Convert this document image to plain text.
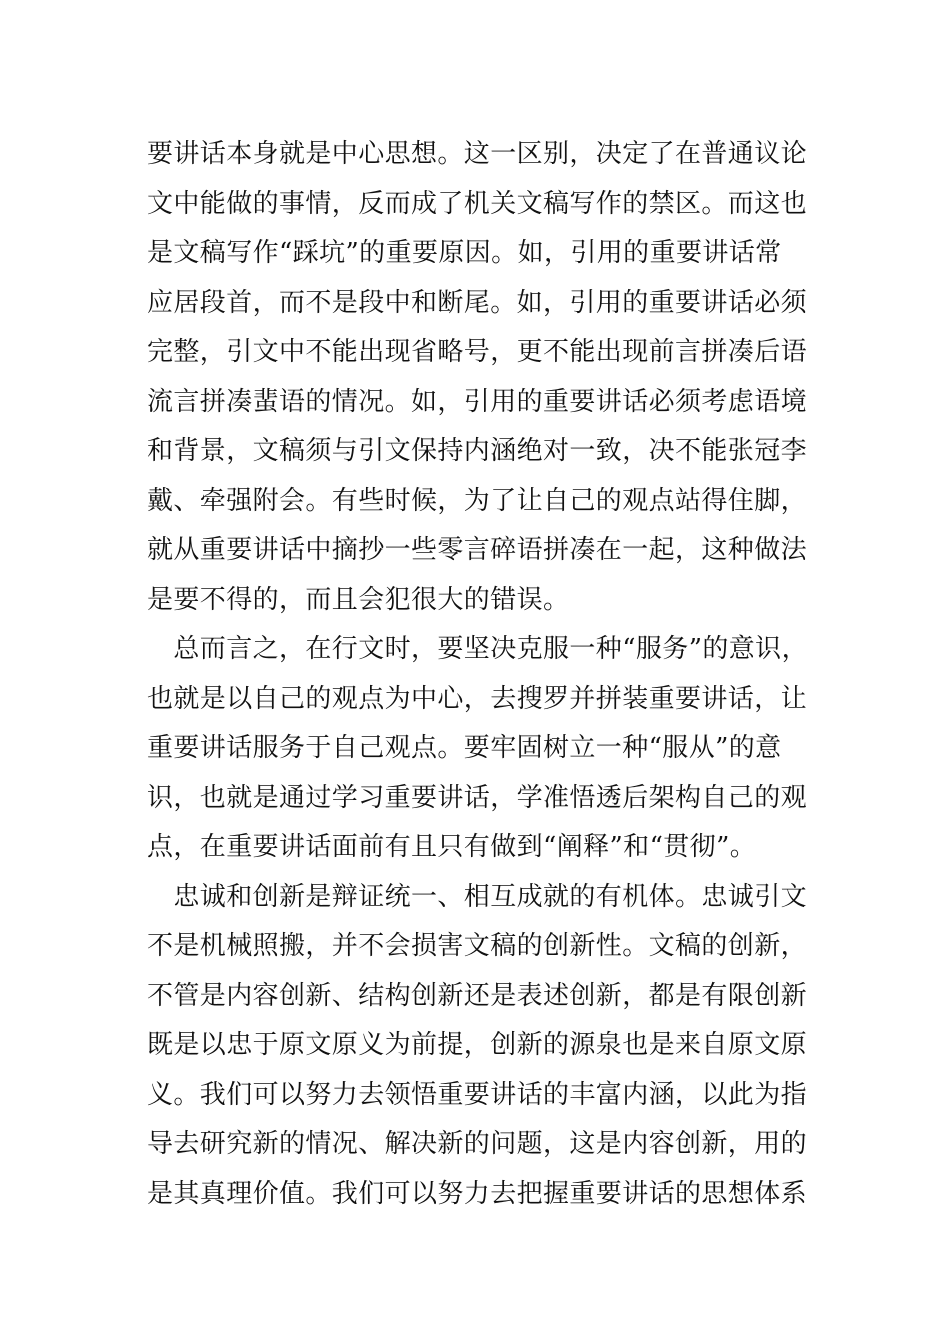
要讲话本身就是中心思想。这一区别，决定了在普通议论
文中能做的事情，反而成了机关文稿写作的禁区。而这也
是文稿写作“踩坑”的重要原因。如，引用的重要讲话常
应居段首，而不是段中和断尾。如，引用的重要讲话必须
完整，引文中不能出现省略号，更不能出现前言拼凑后语
流言拼凑蜚语的情况。如，引用的重要讲话必须考虑语境
和背景，文稿须与引文保持内涵绝对一致，决不能张冠李
戴、牵强附会。有些时候，为了让自己的观点站得住脚，
就从重要讲话中摘抄一些零言碎语拼凑在一起，这种做法
是要不得的，而且会犯很大的错误。
　总而言之，在行文时，要坚决克服一种“服务”的意识，
也就是以自己的观点为中心，去搜罗并拼装重要讲话，让
重要讲话服务于自己观点。要牢固树立一种“服从”的意
识，也就是通过学习重要讲话，学准悟透后架构自己的观
点，在重要讲话面前有且只有做到“阐释”和“贯彻”。
　忠诚和创新是辩证统一、相互成就的有机体。忠诚引文
不是机械照搬，并不会损害文稿的创新性。文稿的创新，
不管是内容创新、结构创新还是表述创新，都是有限创新
既是以忠于原文原义为前提，创新的源泉也是来自原文原
义。我们可以努力去领悟重要讲话的丰富内涵，以此为指
导去研究新的情况、解决新的问题，这是内容创新，用的
是其真理价值。我们可以努力去把握重要讲话的思想体系
